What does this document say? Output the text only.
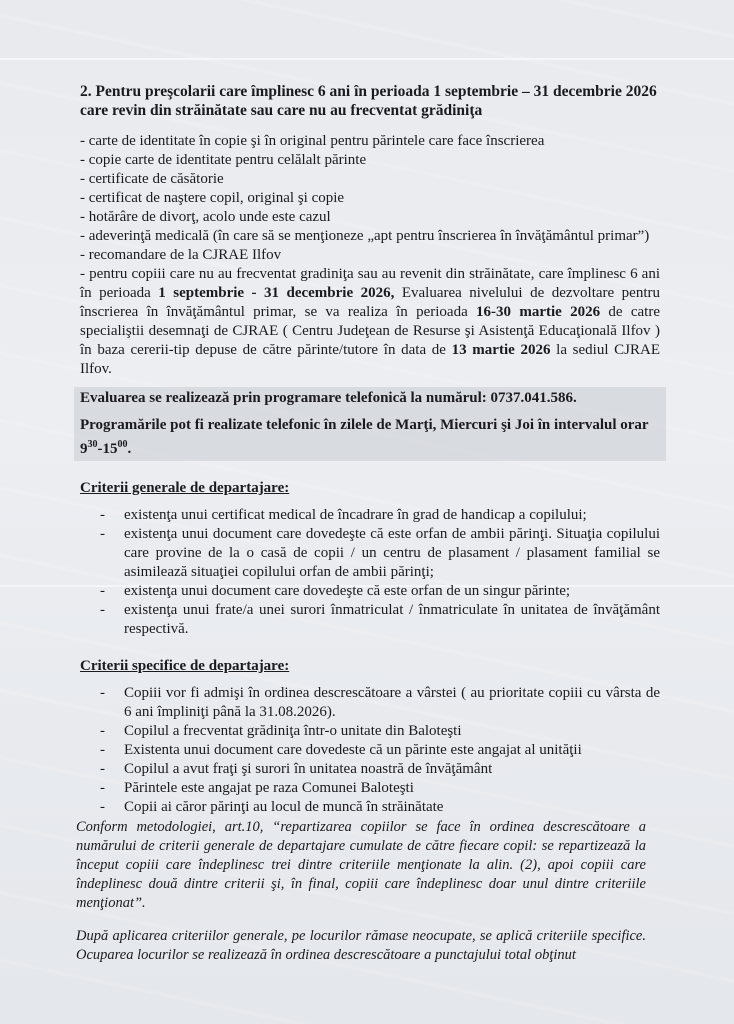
2. Pentru preşcolarii care împlinesc 6 ani în perioada 1 septembrie – 31 decembrie 2026 care revin din străinătate sau care nu au frecventat grădiniţa

- carte de identitate în copie şi în original pentru părintele care face înscrierea

- copie carte de identitate pentru celălalt părinte

- certificate de căsătorie

- certificat de naştere copil, original şi copie

- hotărâre de divorţ, acolo unde este cazul

- adeverinţă medicală (în care să se menţioneze „apt pentru înscrierea în învăţământul primar”)

- recomandare de la CJRAE Ilfov

- pentru copiii care nu au frecventat gradiniţa sau au revenit din străinătate, care împlinesc 6 ani în perioada 1 septembrie - 31 decembrie 2026, Evaluarea nivelului de dezvoltare pentru înscrierea în învăţământul primar, se va realiza în perioada 16-30 martie 2026 de catre specialiştii desemnaţi de CJRAE ( Centru Judeţean de Resurse şi Asistenţă Educaţională Ilfov ) în baza cererii-tip depuse de către părinte/tutore în data de 13 martie 2026 la sediul CJRAE Ilfov.

Evaluarea se realizează prin programare telefonică la numărul: 0737.041.586.

Programările pot fi realizate telefonic în zilele de Marţi, Miercuri şi Joi în intervalul orar
$9^{30}-15^{00}$.

Criterii generale de departajare:
- existenţa unui certificat medical de încadrare în grad de handicap a copilului;
- existenţa unui document care dovedeşte că este orfan de ambii părinţi. Situaţia copilului care provine de la o casă de copii / un centru de plasament / plasament familial se asimilează situaţiei copilului orfan de ambii părinţi;
- existenţa unui document care dovedeşte că este orfan de un singur părinte;
- existenţa unui frate/a unei surori înmatriculat / înmatriculate în unitatea de învăţământ respectivă.
Criterii specifice de departajare:
- Copiii vor fi admişi în ordinea descrescătoare a vârstei ( au prioritate copiii cu vârsta de 6 ani împliniţi până la 31.08.2026).
- Copilul a frecventat grădiniţa într-o unitate din Baloteşti
- Existenta unui document care dovedeste că un părinte este angajat al unităţii
- Copilul a avut fraţi şi surori în unitatea noastră de învăţământ
- Părintele este angajat pe raza Comunei Baloteşti
- Copii ai căror părinţi au locul de muncă în străinătate

Conform metodologiei, art.10, “repartizarea copiilor se face în ordinea descrescătoare a numărului de criterii generale de departajare cumulate de către fiecare copil: se repartizează la început copiii care îndeplinesc trei dintre criteriile menţionate la alin. (2), apoi copiii care îndeplinesc două dintre criterii şi, în final, copiii care îndeplinesc doar unul dintre criteriile menţionat”.

După aplicarea criteriilor generale, pe locurilor rămase neocupate, se aplică criteriile specifice. Ocuparea locurilor se realizează în ordinea descrescătoare a punctajului total obţinut
